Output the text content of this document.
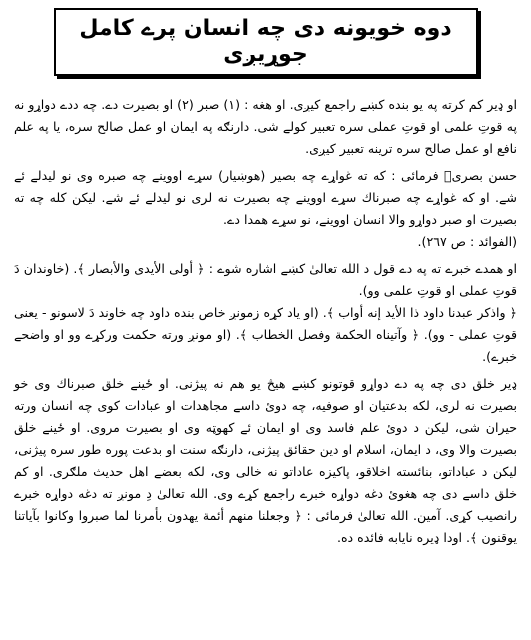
دوه خويونه دى چه انسان پرے كامل جوړيږى

او ډير كم كرته په يو بنده كښے راجمع كيږى. او هغه : (۱) صبر (۲) او بصيرت دے. چه ددے دواړو نه په قوتِ علمى او قوتِ عملى سره تعبير كولے شى. دارنګه په ايمان او عمل صالح سره، يا په علم نافع او عمل صالح سره ترينه تعبير كيږى.

حسن بصرىؒ فرمائى : كه ته غواړے چه بصير (هوښيار) سړے اووينے چه صبره وى نو ليدلے ئے شے. او كه غواړے چه صبرناك سړے اووينے چه بصيرت نه لرى نو ليدلے ئے شے. ليكن كله چه ته بصيرت او صبر دواړو والا انسان اووينے، نو سړے همدا دے.

(الفوائد : ص ۲٦۷).

او همدے خبرے ته په دے قول د الله تعالىٰ كښے اشاره شوے : ﴿ أولى الأيدى والأبصار ﴾. (خاوندان دَ قوتِ عملى او قوتِ علمى وو).

﴿ واذكر عبدنا داود ذا الأيد إنه أواب ﴾. (او ياد كړه زمونږ خاص بنده داود چه خاوند دَ لاسونو - يعنى قوتِ عملى - وو). ﴿ وآتيناه الحكمة وفصل الخطاب ﴾. (او مونږ ورته حكمت وركړے وو او واضحے خبرے).

ډير خلق دى چه په دے دواړو قوتونو كښے هيڅ يو هم نه پيژنى. او ځينے خلق صبرناك وى خو بصيرت نه لرى، لكه بدعتيان او صوفيه، چه دوئ داسے مجاهدات او عبادات كوى چه انسان ورته حيران شى، ليكن د دوئ علم فاسد وى او ايمان ئے كهوټه وى او بصيرت مروى. او ځينے خلق بصيرت والا وى، د ايمان، اسلام او دين حقائق پيژنى، دارنګه سنت او بدعت پوره طور سره پيژنى، ليكن د عباداتو، بنائسته اخلاقو، پاكيزه عاداتو نه خالى وى، لكه بعضے اهل حديث ملګرى. او كم خلق داسے دى چه هغوئ دغه دواړه خبرے راجمع كړے وى. الله تعالىٰ دِ مونږ ته دغه دواړه خبرے رانصيب كړى. آمين. الله تعالىٰ فرمائى : ﴿ وجعلنا منهم أئمة يهدون بأمرنا لما صبروا وكانوا بآياتنا يوقنون ﴾. اودا ډيره نايابه فائده ده.
